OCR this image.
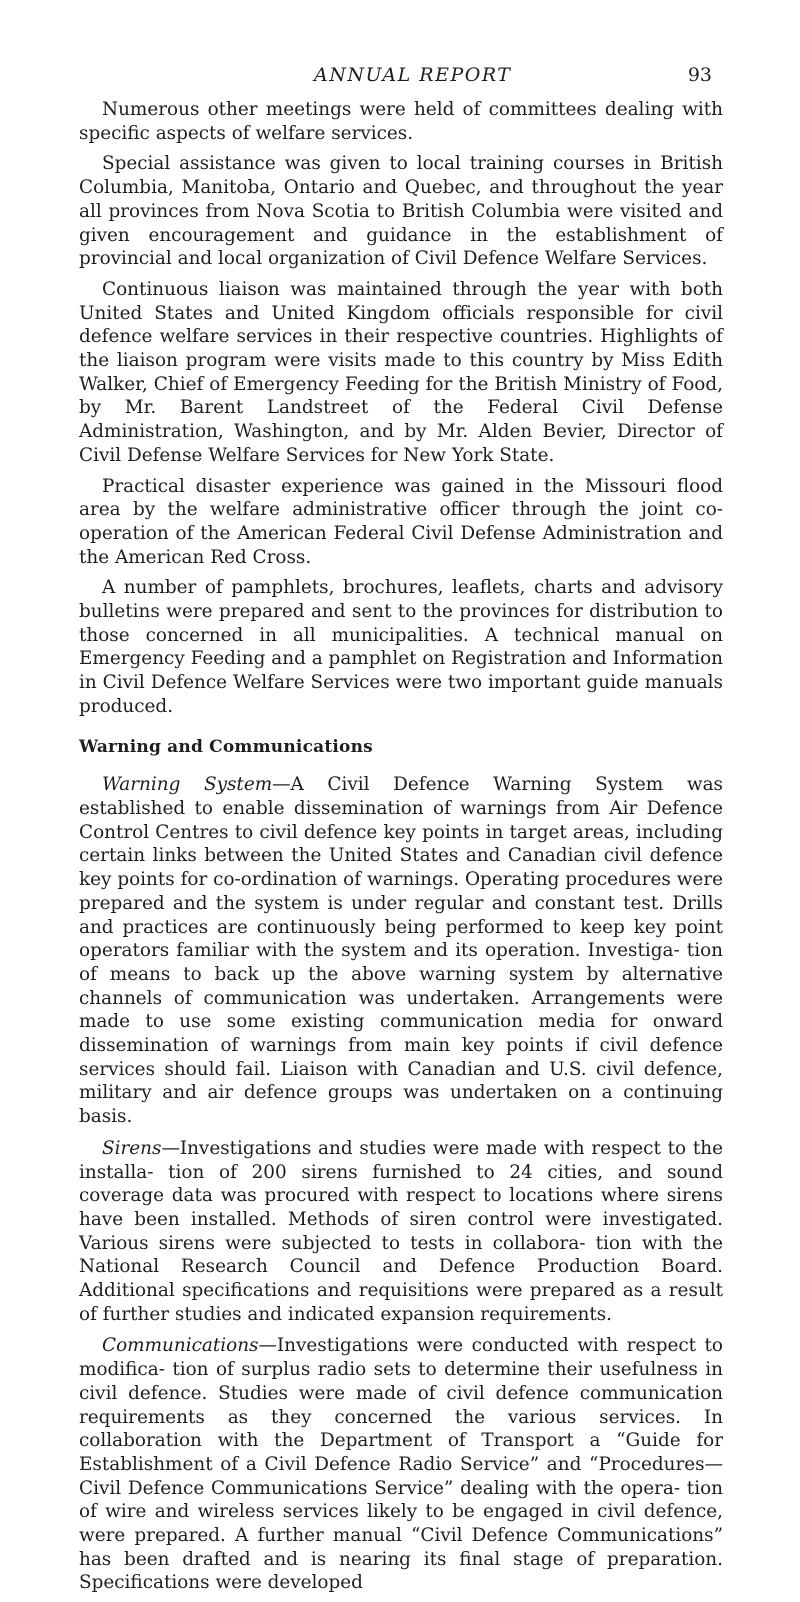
ANNUAL REPORT	93

Numerous other meetings were held of committees dealing with specific aspects of welfare services.

Special assistance was given to local training courses in British Columbia, Manitoba, Ontario and Quebec, and throughout the year all provinces from Nova Scotia to British Columbia were visited and given encouragement and guidance in the establishment of provincial and local organization of Civil Defence Welfare Services.

Continuous liaison was maintained through the year with both United States and United Kingdom officials responsible for civil defence welfare services in their respective countries. Highlights of the liaison program were visits made to this country by Miss Edith Walker, Chief of Emergency Feeding for the British Ministry of Food, by Mr. Barent Landstreet of the Federal Civil Defense Administration, Washington, and by Mr. Alden Bevier, Director of Civil Defense Welfare Services for New York State.

Practical disaster experience was gained in the Missouri flood area by the welfare administrative officer through the joint co-operation of the American Federal Civil Defense Administration and the American Red Cross.

A number of pamphlets, brochures, leaflets, charts and advisory bulletins were prepared and sent to the provinces for distribution to those concerned in all municipalities. A technical manual on Emergency Feeding and a pamphlet on Registration and Information in Civil Defence Welfare Services were two important guide manuals produced.

Warning and Communications

Warning System—A Civil Defence Warning System was established to enable dissemination of warnings from Air Defence Control Centres to civil defence key points in target areas, including certain links between the United States and Canadian civil defence key points for co-ordination of warnings. Operating procedures were prepared and the system is under regular and constant test. Drills and practices are continuously being performed to keep key point operators familiar with the system and its operation. Investiga- tion of means to back up the above warning system by alternative channels of communication was undertaken. Arrangements were made to use some existing communication media for onward dissemination of warnings from main key points if civil defence services should fail. Liaison with Canadian and U.S. civil defence, military and air defence groups was undertaken on a continuing basis.

Sirens—Investigations and studies were made with respect to the installa- tion of 200 sirens furnished to 24 cities, and sound coverage data was procured with respect to locations where sirens have been installed. Methods of siren control were investigated. Various sirens were subjected to tests in collabora- tion with the National Research Council and Defence Production Board. Additional specifications and requisitions were prepared as a result of further studies and indicated expansion requirements.

Communications—Investigations were conducted with respect to modifica- tion of surplus radio sets to determine their usefulness in civil defence. Studies were made of civil defence communication requirements as they concerned the various services. In collaboration with the Department of Transport a “Guide for Establishment of a Civil Defence Radio Service” and “Procedures—Civil Defence Communications Service” dealing with the opera- tion of wire and wireless services likely to be engaged in civil defence, were prepared. A further manual “Civil Defence Communications” has been drafted and is nearing its final stage of preparation. Specifications were developed
